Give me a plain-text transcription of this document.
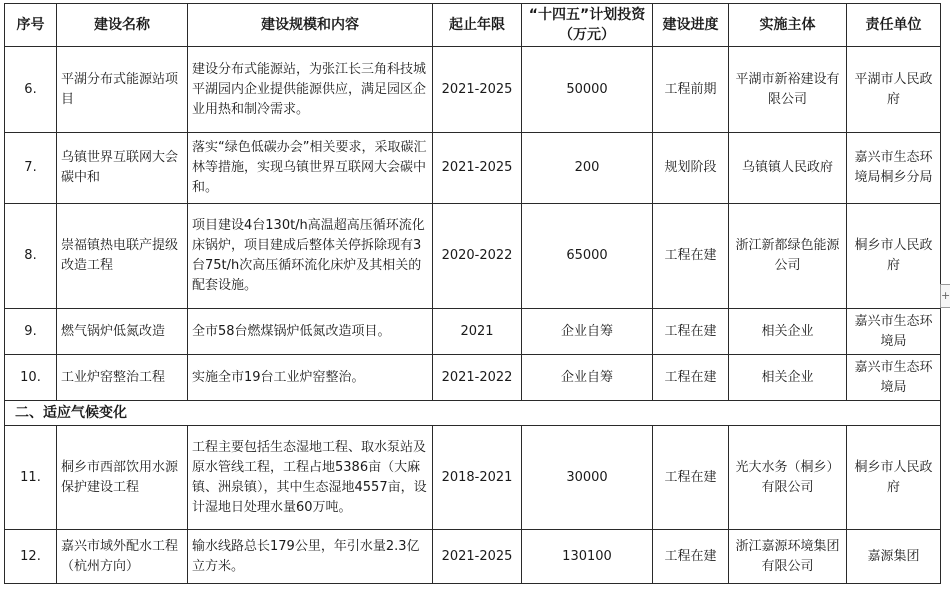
序号	建设名称	建设规模和内容	起止年限	“十四五”计划投资（万元）	建设进度	实施主体	责任单位
6.	平湖分布式能源站项目	建设分布式能源站，为张江长三角科技城平湖园内企业提供能源供应，满足园区企业用热和制冷需求。	2021-2025	50000	工程前期	平湖市新裕建设有限公司	平湖市人民政府
7.	乌镇世界互联网大会碳中和	落实“绿色低碳办会”相关要求，采取碳汇林等措施，实现乌镇世界互联网大会碳中和。	2021-2025	200	规划阶段	乌镇镇人民政府	嘉兴市生态环境局桐乡分局
8.	崇福镇热电联产提级改造工程	项目建设4台130t/h高温超高压循环流化床锅炉，项目建成后整体关停拆除现有3台75t/h次高压循环流化床炉及其相关的配套设施。	2020-2022	65000	工程在建	浙江新都绿色能源公司	桐乡市人民政府
9.	燃气锅炉低氮改造	全市58台燃煤锅炉低氮改造项目。	2021	企业自筹	工程在建	相关企业	嘉兴市生态环境局
10.	工业炉窑整治工程	实施全市19台工业炉窑整治。	2021-2022	企业自筹	工程在建	相关企业	嘉兴市生态环境局
二、适应气候变化							
11.	桐乡市西部饮用水源保护建设工程	工程主要包括生态湿地工程、取水泵站及原水管线工程，工程占地5386亩（大麻镇、洲泉镇），其中生态湿地4557亩，设计湿地日处理水量60万吨。	2018-2021	30000	工程在建	光大水务（桐乡）有限公司	桐乡市人民政府
12.	嘉兴市域外配水工程（杭州方向）	输水线路总长179公里，年引水量2.3亿立方米。	2021-2025	130100	工程在建	浙江嘉源环境集团有限公司	嘉源集团
+
